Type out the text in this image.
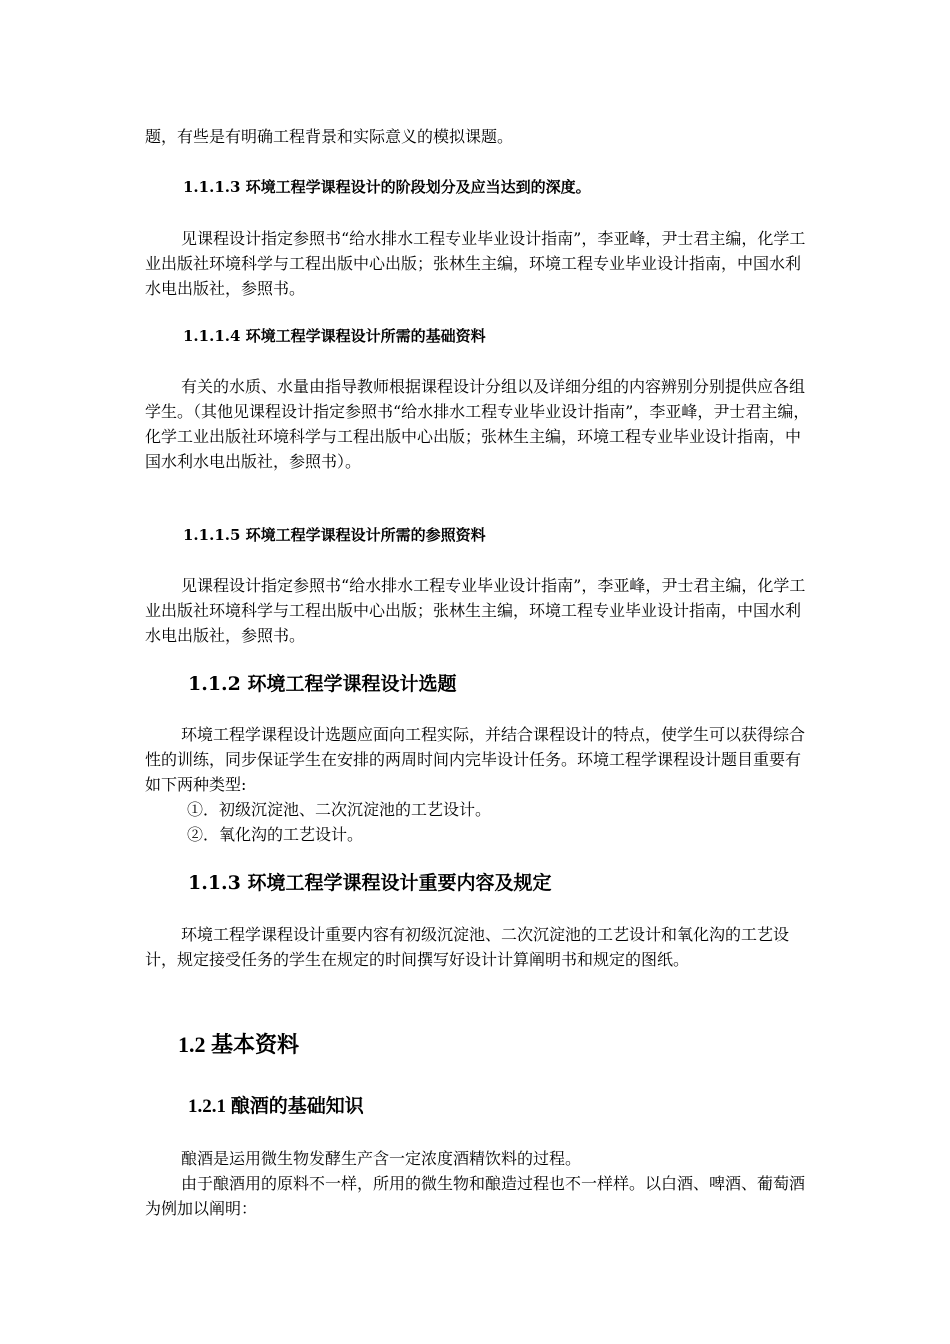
题，有些是有明确工程背景和实际意义的模拟课题。

1.1.1.3 环境工程学课程设计的阶段划分及应当达到的深度。

见课程设计指定参照书“给水排水工程专业毕业设计指南”，李亚峰，尹士君主编，化学工业出版社环境科学与工程出版中心出版；张林生主编，环境工程专业毕业设计指南，中国水利水电出版社，参照书。

1.1.1.4 环境工程学课程设计所需的基础资料

有关的水质、水量由指导教师根据课程设计分组以及详细分组的内容辨别分别提供应各组学生。（其他见课程设计指定参照书“给水排水工程专业毕业设计指南”，李亚峰，尹士君主编，化学工业出版社环境科学与工程出版中心出版；张林生主编，环境工程专业毕业设计指南，中国水利水电出版社，参照书）。

1.1.1.5 环境工程学课程设计所需的参照资料

见课程设计指定参照书“给水排水工程专业毕业设计指南”，李亚峰，尹士君主编，化学工业出版社环境科学与工程出版中心出版；张林生主编，环境工程专业毕业设计指南，中国水利水电出版社，参照书。

1.1.2 环境工程学课程设计选题

环境工程学课程设计选题应面向工程实际，并结合课程设计的特点，使学生可以获得综合性的训练，同步保证学生在安排的两周时间内完毕设计任务。环境工程学课程设计题目重要有如下两种类型:

①．初级沉淀池、二次沉淀池的工艺设计。
②．氧化沟的工艺设计。
1.1.3 环境工程学课程设计重要内容及规定

环境工程学课程设计重要内容有初级沉淀池、二次沉淀池的工艺设计和氧化沟的工艺设计，规定接受任务的学生在规定的时间撰写好设计计算阐明书和规定的图纸。

1.2 基本资料
1.2.1 酿酒的基础知识

酿酒是运用微生物发酵生产含一定浓度酒精饮料的过程。

由于酿酒用的原料不一样，所用的微生物和酿造过程也不一样样。以白酒、啤酒、葡萄酒为例加以阐明：
